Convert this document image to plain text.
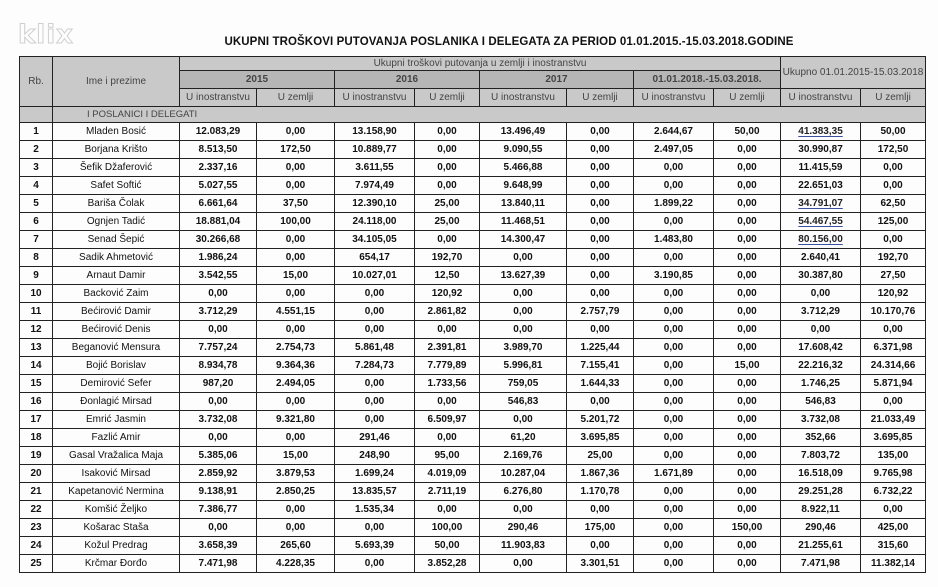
klix	UKUPNI TROŠKOVI PUTOVANJA POSLANIKA I DELEGATA ZA PERIOD 01.01.2015.-15.03.2018.GODINE
Rb.	Ime i prezime	Ukupni troškovi putovanja u zemlji i inostranstvu								Ukupno 01.01.2015-15.03.2018	
		2015		2016		2017		01.01.2018.-15.03.2018.			
		U inostranstvu	U zemlji	U inostranstvu	U zemlji	U inostranstvu	U zemlji	U inostranstvu	U zemlji	U inostranstvu	U zemlji
	I POSLANICI I DELEGATI										
1	Mladen Bosić	12.083,29	0,00	13.158,90	0,00	13.496,49	0,00	2.644,67	50,00	41.383,35	50,00
2	Borjana Krišto	8.513,50	172,50	10.889,77	0,00	9.090,55	0,00	2.497,05	0,00	30.990,87	172,50
3	Šefik Džaferović	2.337,16	0,00	3.611,55	0,00	5.466,88	0,00	0,00	0,00	11.415,59	0,00
4	Safet Softić	5.027,55	0,00	7.974,49	0,00	9.648,99	0,00	0,00	0,00	22.651,03	0,00
5	Bariša Čolak	6.661,64	37,50	12.390,10	25,00	13.840,11	0,00	1.899,22	0,00	34.791,07	62,50
6	Ognjen Tadić	18.881,04	100,00	24.118,00	25,00	11.468,51	0,00	0,00	0,00	54.467,55	125,00
7	Senad Šepić	30.266,68	0,00	34.105,05	0,00	14.300,47	0,00	1.483,80	0,00	80.156,00	0,00
8	Sadik Ahmetović	1.986,24	0,00	654,17	192,70	0,00	0,00	0,00	0,00	2.640,41	192,70
9	Arnaut Damir	3.542,55	15,00	10.027,01	12,50	13.627,39	0,00	3.190,85	0,00	30.387,80	27,50
10	Backović Zaim	0,00	0,00	0,00	120,92	0,00	0,00	0,00	0,00	0,00	120,92
11	Bećirović Damir	3.712,29	4.551,15	0,00	2.861,82	0,00	2.757,79	0,00	0,00	3.712,29	10.170,76
12	Bećirović Denis	0,00	0,00	0,00	0,00	0,00	0,00	0,00	0,00	0,00	0,00
13	Beganović Mensura	7.757,24	2.754,73	5.861,48	2.391,81	3.989,70	1.225,44	0,00	0,00	17.608,42	6.371,98
14	Bojić Borislav	8.934,78	9.364,36	7.284,73	7.779,89	5.996,81	7.155,41	0,00	15,00	22.216,32	24.314,66
15	Demirović Sefer	987,20	2.494,05	0,00	1.733,56	759,05	1.644,33	0,00	0,00	1.746,25	5.871,94
16	Đonlagić Mirsad	0,00	0,00	0,00	0,00	546,83	0,00	0,00	0,00	546,83	0,00
17	Emrić Jasmin	3.732,08	9.321,80	0,00	6.509,97	0,00	5.201,72	0,00	0,00	3.732,08	21.033,49
18	Fazlić Amir	0,00	0,00	291,46	0,00	61,20	3.695,85	0,00	0,00	352,66	3.695,85
19	Gasal Vražalica Maja	5.385,06	15,00	248,90	95,00	2.169,76	25,00	0,00	0,00	7.803,72	135,00
20	Isaković Mirsad	2.859,92	3.879,53	1.699,24	4.019,09	10.287,04	1.867,36	1.671,89	0,00	16.518,09	9.765,98
21	Kapetanović Nermina	9.138,91	2.850,25	13.835,57	2.711,19	6.276,80	1.170,78	0,00	0,00	29.251,28	6.732,22
22	Komšić Željko	7.386,77	0,00	1.535,34	0,00	0,00	0,00	0,00	0,00	8.922,11	0,00
23	Košarac Staša	0,00	0,00	0,00	100,00	290,46	175,00	0,00	150,00	290,46	425,00
24	Kožul Predrag	3.658,39	265,60	5.693,39	50,00	11.903,83	0,00	0,00	0,00	21.255,61	315,60
25	Krčmar Đorđo	7.471,98	4.228,35	0,00	3.852,28	0,00	3.301,51	0,00	0,00	7.471,98	11.382,14
